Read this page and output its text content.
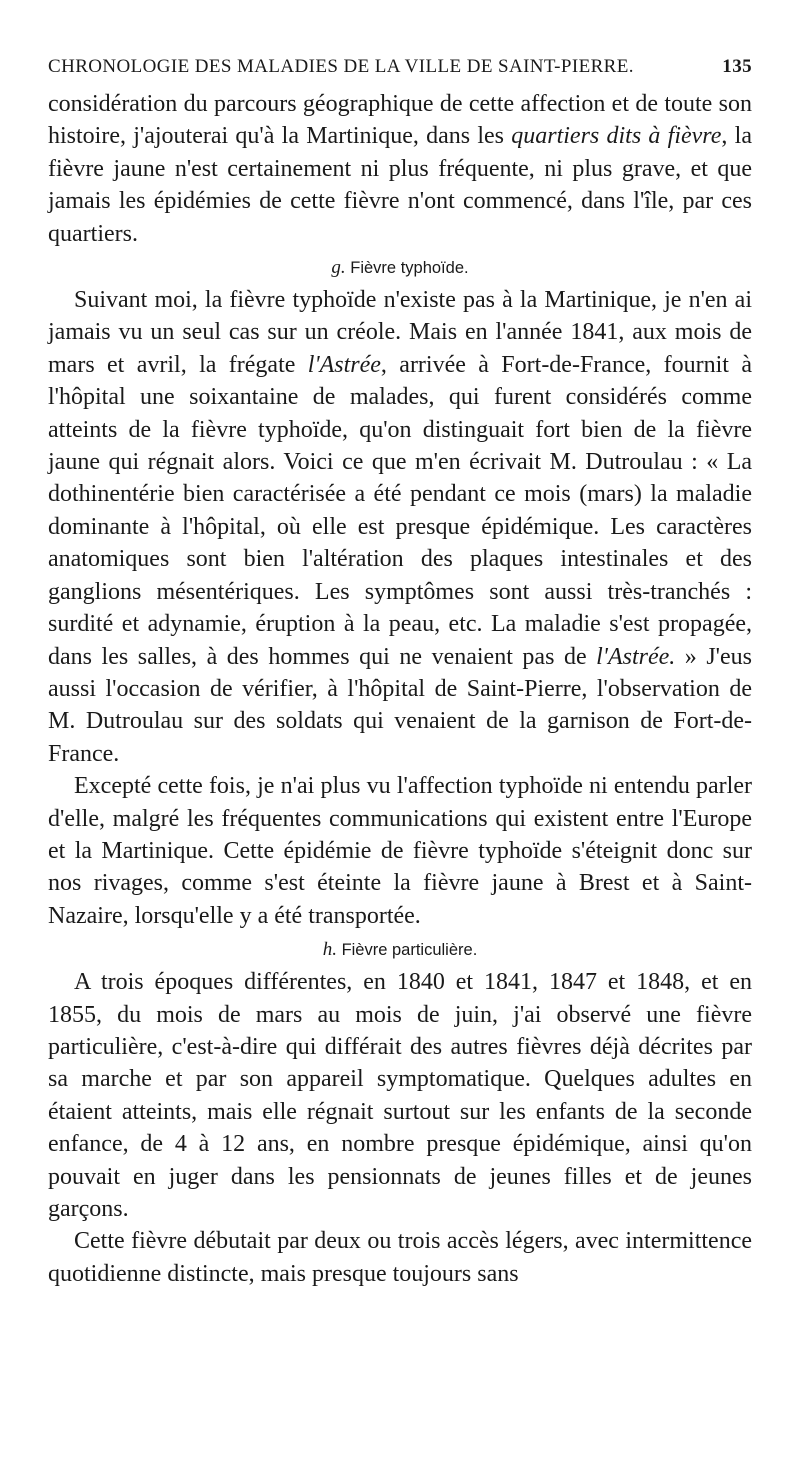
CHRONOLOGIE DES MALADIES DE LA VILLE DE SAINT-PIERRE.	135

considération du parcours géographique de cette affection et de toute son histoire, j'ajouterai qu'à la Martinique, dans les quartiers dits à fièvre, la fièvre jaune n'est certainement ni plus fréquente, ni plus grave, et que jamais les épidémies de cette fièvre n'ont commencé, dans l'île, par ces quartiers.

g. Fièvre typhoïde.

Suivant moi, la fièvre typhoïde n'existe pas à la Martinique, je n'en ai jamais vu un seul cas sur un créole. Mais en l'année 1841, aux mois de mars et avril, la frégate l'Astrée, arrivée à Fort-de-France, fournit à l'hôpital une soixantaine de malades, qui furent considérés comme atteints de la fièvre typhoïde, qu'on distinguait fort bien de la fièvre jaune qui régnait alors. Voici ce que m'en écrivait M. Dutroulau : « La dothinentérie bien caractérisée a été pendant ce mois (mars) la maladie dominante à l'hôpital, où elle est presque épidémique. Les caractères anatomiques sont bien l'altération des plaques intestinales et des ganglions mésentériques. Les symptômes sont aussi très-tranchés : surdité et adynamie, éruption à la peau, etc. La maladie s'est propagée, dans les salles, à des hommes qui ne venaient pas de l'Astrée. » J'eus aussi l'occasion de vérifier, à l'hôpital de Saint-Pierre, l'observation de M. Dutroulau sur des soldats qui venaient de la garnison de Fort-de-France.

Excepté cette fois, je n'ai plus vu l'affection typhoïde ni entendu parler d'elle, malgré les fréquentes communications qui existent entre l'Europe et la Martinique. Cette épidémie de fièvre typhoïde s'éteignit donc sur nos rivages, comme s'est éteinte la fièvre jaune à Brest et à Saint-Nazaire, lorsqu'elle y a été transportée.

h. Fièvre particulière.

A trois époques différentes, en 1840 et 1841, 1847 et 1848, et en 1855, du mois de mars au mois de juin, j'ai observé une fièvre particulière, c'est-à-dire qui différait des autres fièvres déjà décrites par sa marche et par son appareil symptomatique. Quelques adultes en étaient atteints, mais elle régnait surtout sur les enfants de la seconde enfance, de 4 à 12 ans, en nombre presque épidémique, ainsi qu'on pouvait en juger dans les pensionnats de jeunes filles et de jeunes garçons.

Cette fièvre débutait par deux ou trois accès légers, avec intermittence quotidienne distincte, mais presque toujours sans
